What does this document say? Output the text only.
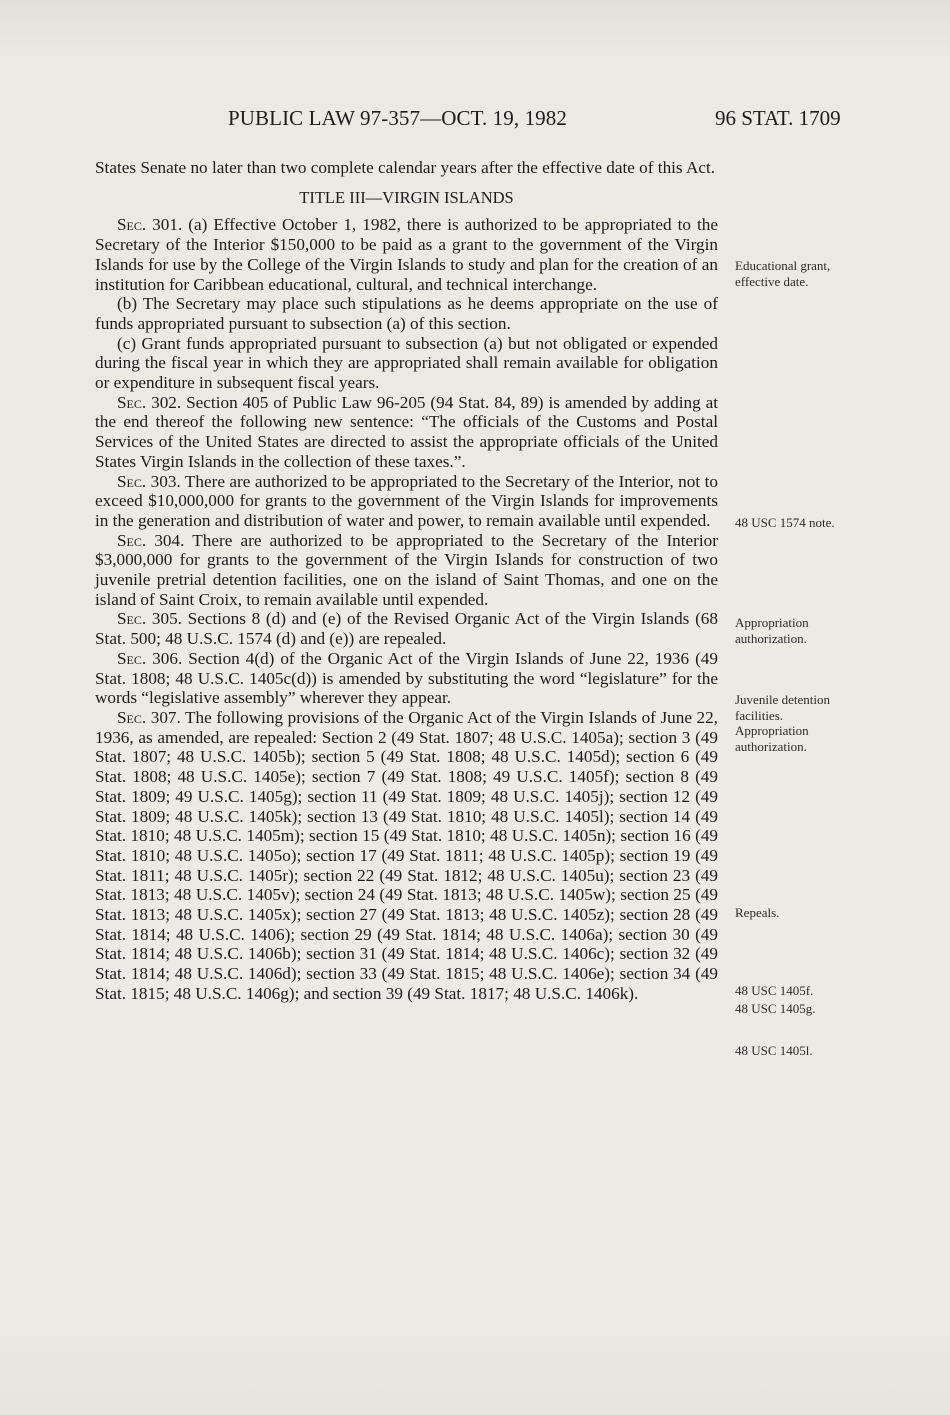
PUBLIC LAW 97-357—OCT. 19, 1982	96 STAT. 1709

States Senate no later than two complete calendar years after the effective date of this Act.

TITLE III—VIRGIN ISLANDS

Sec. 301. (a) Effective October 1, 1982, there is authorized to be appropriated to the Secretary of the Interior $150,000 to be paid as a grant to the government of the Virgin Islands for use by the College of the Virgin Islands to study and plan for the creation of an institution for Caribbean educational, cultural, and technical interchange.

(b) The Secretary may place such stipulations as he deems appropriate on the use of funds appropriated pursuant to subsection (a) of this section.

(c) Grant funds appropriated pursuant to subsection (a) but not obligated or expended during the fiscal year in which they are appropriated shall remain available for obligation or expenditure in subsequent fiscal years.

Sec. 302. Section 405 of Public Law 96-205 (94 Stat. 84, 89) is amended by adding at the end thereof the following new sentence: “The officials of the Customs and Postal Services of the United States are directed to assist the appropriate officials of the United States Virgin Islands in the collection of these taxes.”.

Sec. 303. There are authorized to be appropriated to the Secretary of the Interior, not to exceed $10,000,000 for grants to the government of the Virgin Islands for improvements in the generation and distribution of water and power, to remain available until expended.

Sec. 304. There are authorized to be appropriated to the Secretary of the Interior $3,000,000 for grants to the government of the Virgin Islands for construction of two juvenile pretrial detention facilities, one on the island of Saint Thomas, and one on the island of Saint Croix, to remain available until expended.

Sec. 305. Sections 8 (d) and (e) of the Revised Organic Act of the Virgin Islands (68 Stat. 500; 48 U.S.C. 1574 (d) and (e)) are repealed.

Sec. 306. Section 4(d) of the Organic Act of the Virgin Islands of June 22, 1936 (49 Stat. 1808; 48 U.S.C. 1405c(d)) is amended by substituting the word “legislature” for the words “legislative assembly” wherever they appear.

Sec. 307. The following provisions of the Organic Act of the Virgin Islands of June 22, 1936, as amended, are repealed: Section 2 (49 Stat. 1807; 48 U.S.C. 1405a); section 3 (49 Stat. 1807; 48 U.S.C. 1405b); section 5 (49 Stat. 1808; 48 U.S.C. 1405d); section 6 (49 Stat. 1808; 48 U.S.C. 1405e); section 7 (49 Stat. 1808; 49 U.S.C. 1405f); section 8 (49 Stat. 1809; 49 U.S.C. 1405g); section 11 (49 Stat. 1809; 48 U.S.C. 1405j); section 12 (49 Stat. 1809; 48 U.S.C. 1405k); section 13 (49 Stat. 1810; 48 U.S.C. 1405l); section 14 (49 Stat. 1810; 48 U.S.C. 1405m); section 15 (49 Stat. 1810; 48 U.S.C. 1405n); section 16 (49 Stat. 1810; 48 U.S.C. 1405o); section 17 (49 Stat. 1811; 48 U.S.C. 1405p); section 19 (49 Stat. 1811; 48 U.S.C. 1405r); section 22 (49 Stat. 1812; 48 U.S.C. 1405u); section 23 (49 Stat. 1813; 48 U.S.C. 1405v); section 24 (49 Stat. 1813; 48 U.S.C. 1405w); section 25 (49 Stat. 1813; 48 U.S.C. 1405x); section 27 (49 Stat. 1813; 48 U.S.C. 1405z); section 28 (49 Stat. 1814; 48 U.S.C. 1406); section 29 (49 Stat. 1814; 48 U.S.C. 1406a); section 30 (49 Stat. 1814; 48 U.S.C. 1406b); section 31 (49 Stat. 1814; 48 U.S.C. 1406c); section 32 (49 Stat. 1814; 48 U.S.C. 1406d); section 33 (49 Stat. 1815; 48 U.S.C. 1406e); section 34 (49 Stat. 1815; 48 U.S.C. 1406g); and section 39 (49 Stat. 1817; 48 U.S.C. 1406k).

Educational grant, effective date.
48 USC 1574 note.
Appropriation authorization.
Juvenile detention facilities. Appropriation authorization.
Repeals.
48 USC 1405f.
48 USC 1405g.
48 USC 1405l.
